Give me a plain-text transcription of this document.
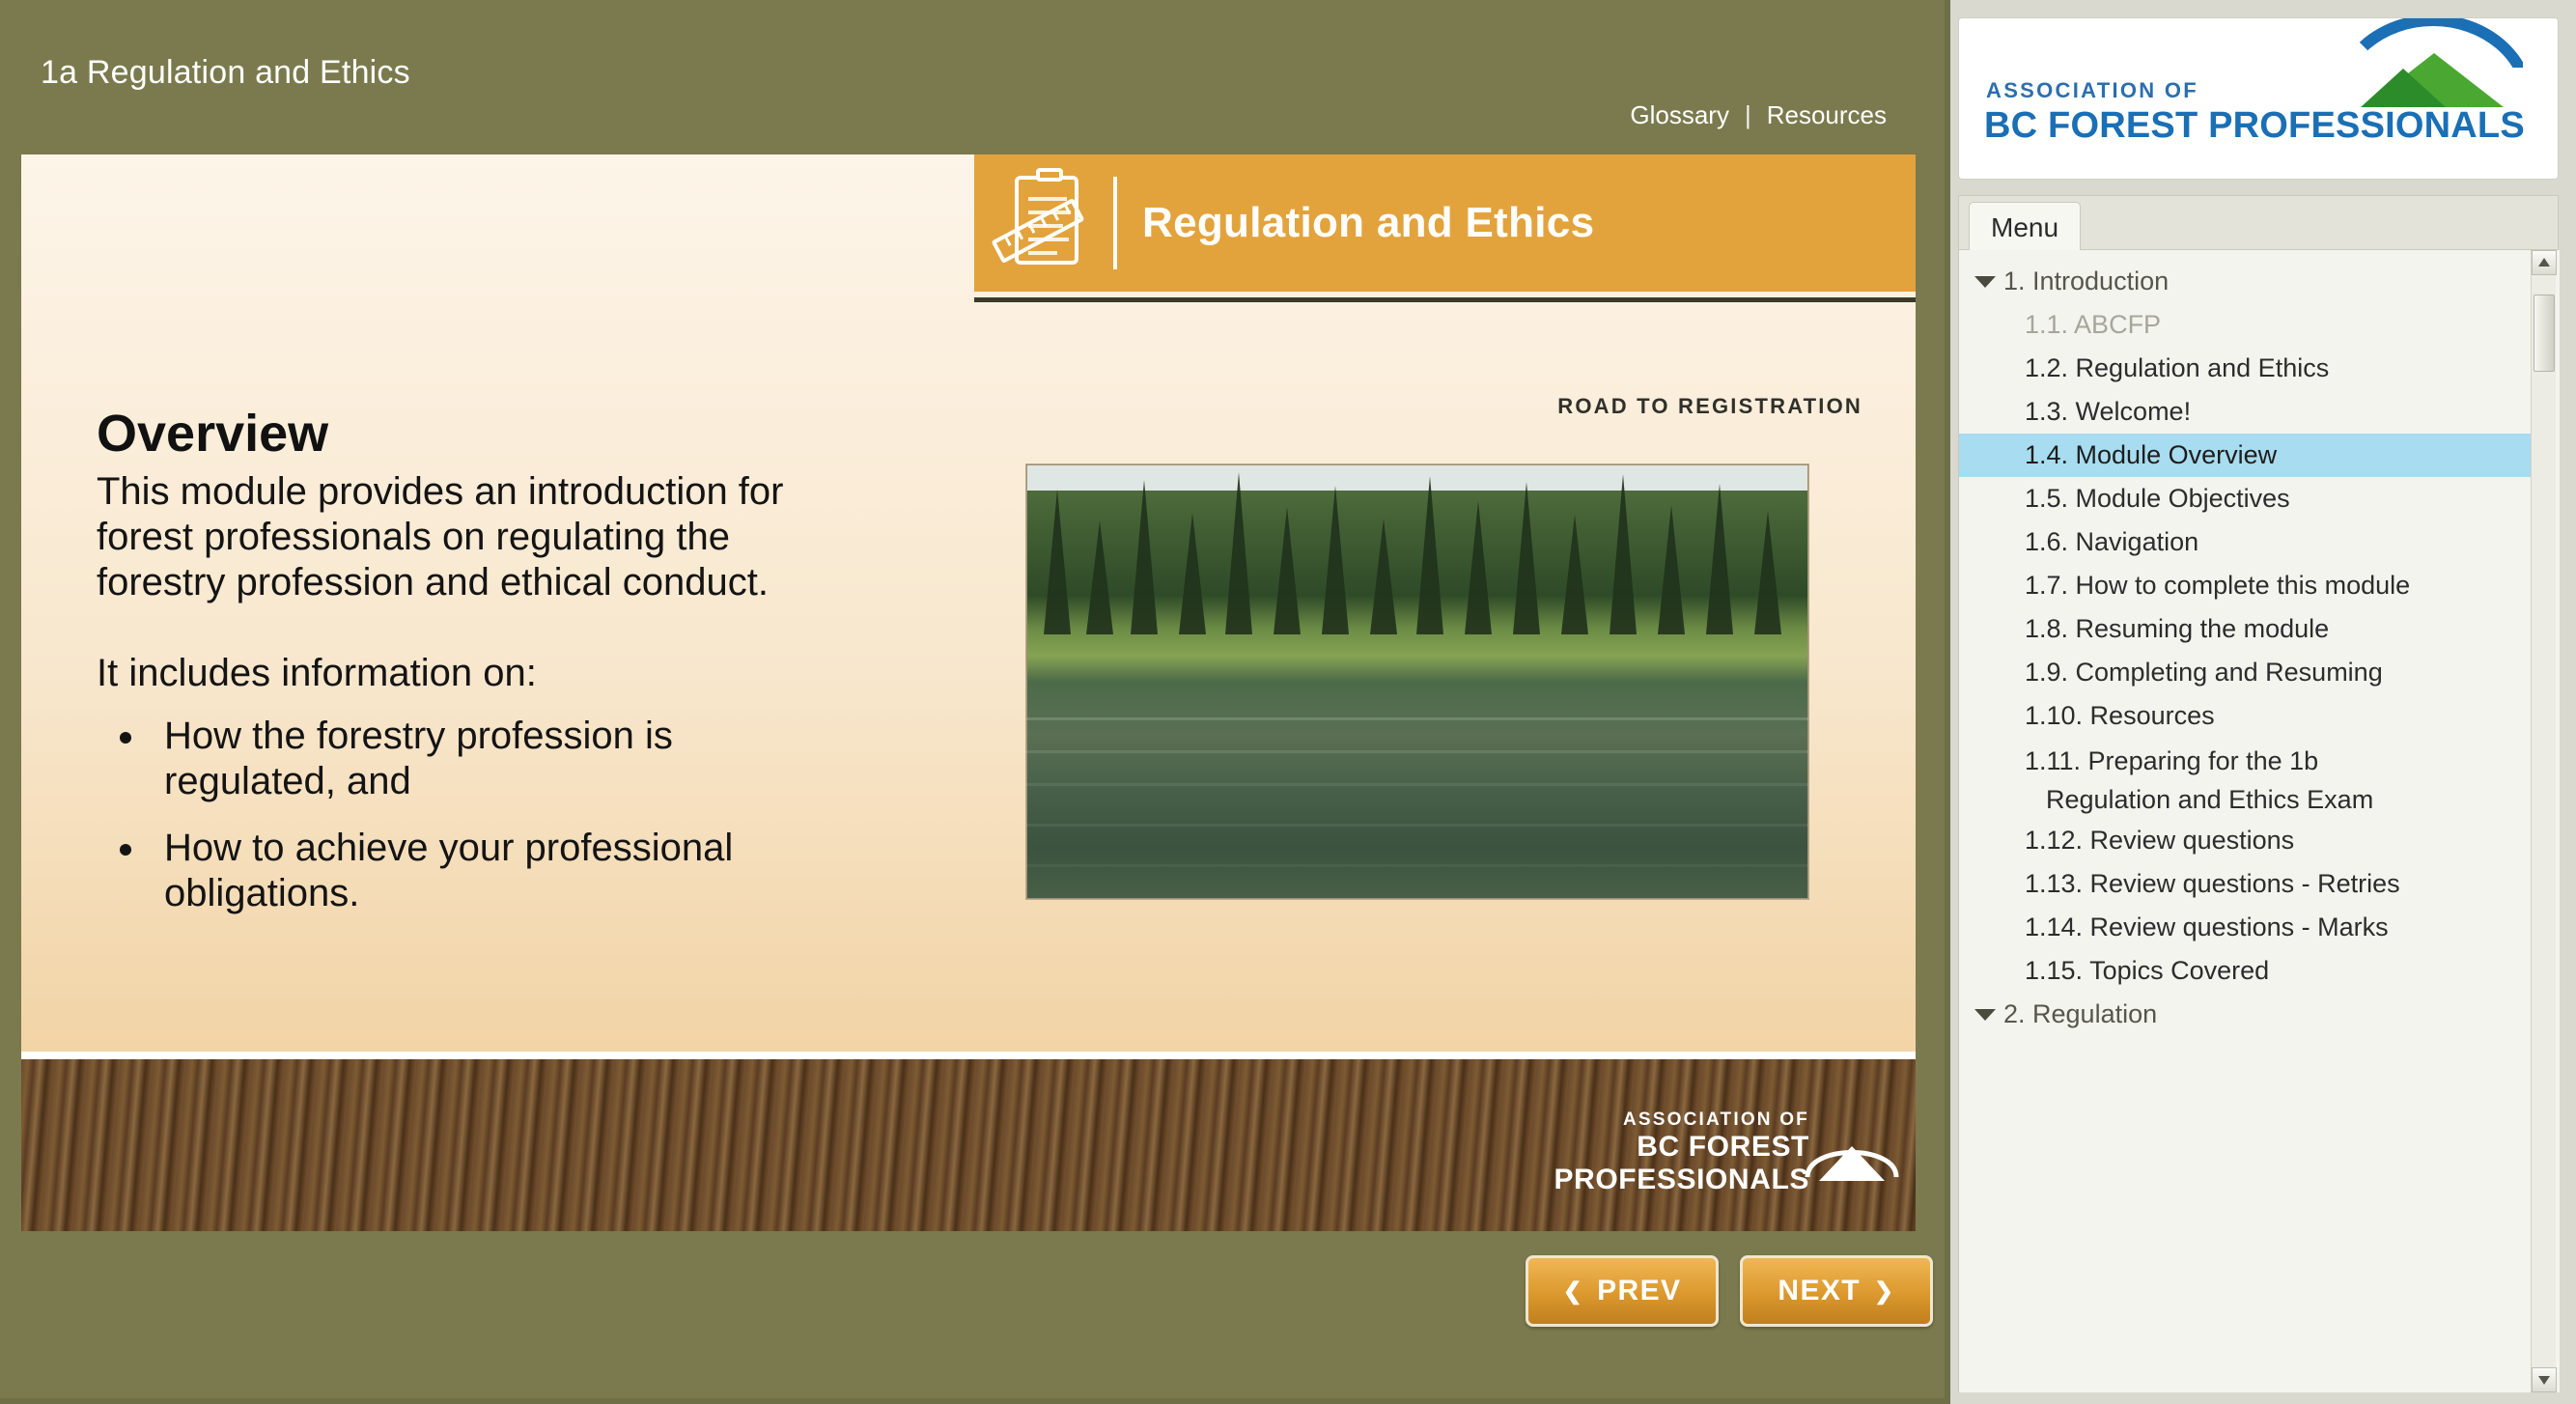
1a Regulation and Ethics
Glossary | Resources
Regulation and Ethics
ROAD TO REGISTRATION
Overview
This module provides an introduction for forest professionals on regulating the forestry profession and ethical conduct.
It includes information on:
• How the forestry profession is regulated, and
• How to achieve your professional obligations.
ASSOCIATION OF
BC FOREST PROFESSIONALS
❮ PREV	NEXT ❯
ASSOCIATION OF
BC FOREST PROFESSIONALS
Menu
1. Introduction
1.1. ABCFP
1.2. Regulation and Ethics
1.3. Welcome!
1.4. Module Overview
1.5. Module Objectives
1.6. Navigation
1.7. How to complete this module
1.8. Resuming the module
1.9. Completing and Resuming
1.10. Resources
1.11. Preparing for the 1b
Regulation and Ethics Exam
1.12. Review questions
1.13. Review questions - Retries
1.14. Review questions - Marks
1.15. Topics Covered
2. Regulation
